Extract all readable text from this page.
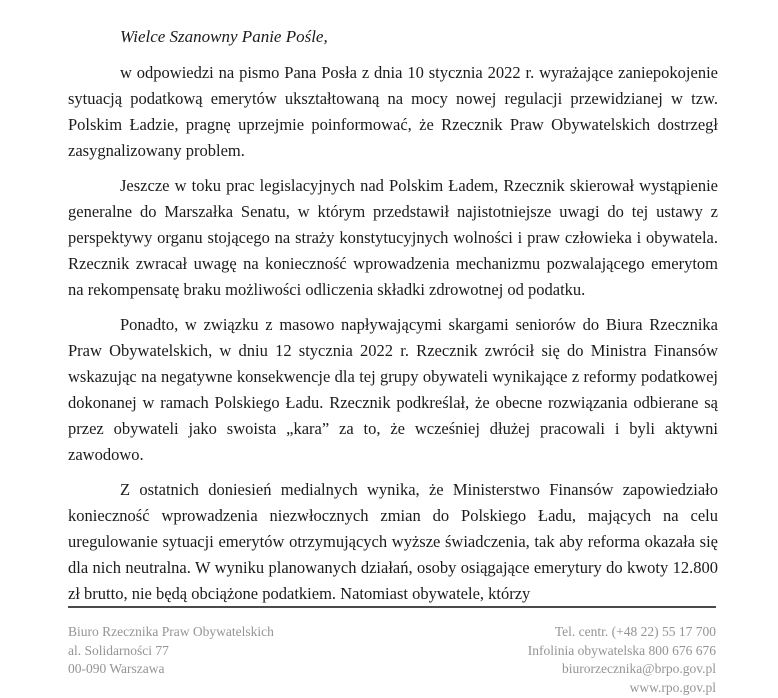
Wielce Szanowny Panie Pośle,

w odpowiedzi na pismo Pana Posła z dnia 10 stycznia 2022 r. wyrażające zaniepokojenie sytuacją podatkową emerytów ukształtowaną na mocy nowej regulacji przewidzianej w tzw. Polskim Ładzie, pragnę uprzejmie poinformować, że Rzecznik Praw Obywatelskich dostrzegł zasygnalizowany problem.

Jeszcze w toku prac legislacyjnych nad Polskim Ładem, Rzecznik skierował wystąpienie generalne do Marszałka Senatu, w którym przedstawił najistotniejsze uwagi do tej ustawy z perspektywy organu stojącego na straży konstytucyjnych wolności i praw człowieka i obywatela. Rzecznik zwracał uwagę na konieczność wprowadzenia mechanizmu pozwalającego emerytom na rekompensatę braku możliwości odliczenia składki zdrowotnej od podatku.

Ponadto, w związku z masowo napływającymi skargami seniorów do Biura Rzecznika Praw Obywatelskich, w dniu 12 stycznia 2022 r. Rzecznik zwrócił się do Ministra Finansów wskazując na negatywne konsekwencje dla tej grupy obywateli wynikające z reformy podatkowej dokonanej w ramach Polskiego Ładu. Rzecznik podkreślał, że obecne rozwiązania odbierane są przez obywateli jako swoista „kara” za to, że wcześniej dłużej pracowali i byli aktywni zawodowo.

Z ostatnich doniesień medialnych wynika, że Ministerstwo Finansów zapowiedziało konieczność wprowadzenia niezwłocznych zmian do Polskiego Ładu, mających na celu uregulowanie sytuacji emerytów otrzymujących wyższe świadczenia, tak aby reforma okazała się dla nich neutralna. W wyniku planowanych działań, osoby osiągające emerytury do kwoty 12.800 zł brutto, nie będą obciążone podatkiem. Natomiast obywatele, którzy

Biuro Rzecznika Praw Obywatelskich
al. Solidarności 77
00-090 Warszawa
Tel. centr. (+48 22) 55 17 700
Infolinia obywatelska 800 676 676
biurorzecznika@brpo.gov.pl
www.rpo.gov.pl
